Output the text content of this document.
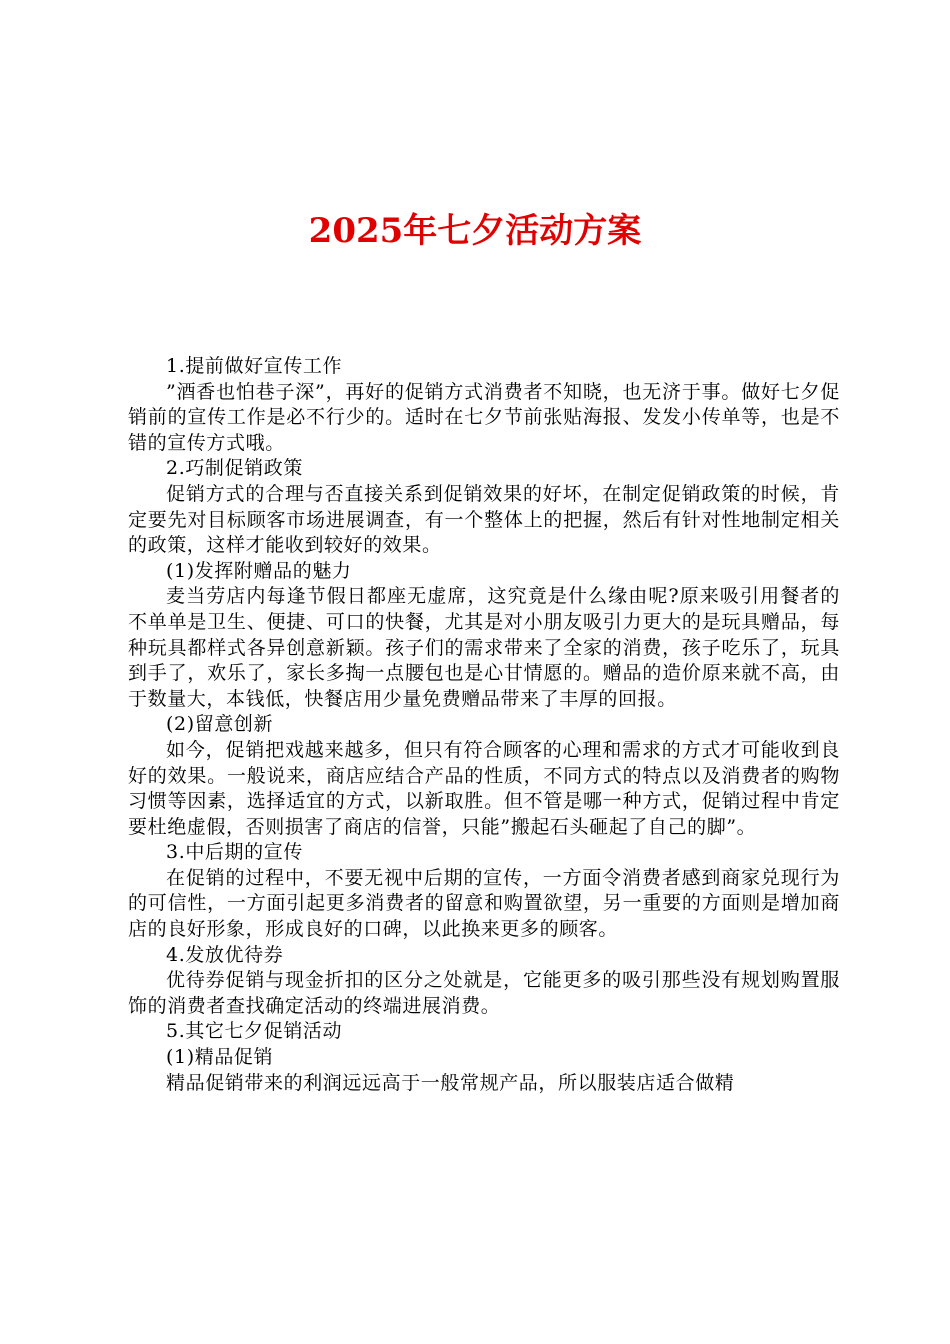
2025年七夕活动方案

1.提前做好宣传工作

”酒香也怕巷子深”，再好的促销方式消费者不知晓，也无济于事。做好七夕促销前的宣传工作是必不行少的。适时在七夕节前张贴海报、发发小传单等，也是不错的宣传方式哦。

2.巧制促销政策

促销方式的合理与否直接关系到促销效果的好坏，在制定促销政策的时候，肯定要先对目标顾客市场进展调查，有一个整体上的把握，然后有针对性地制定相关的政策，这样才能收到较好的效果。

(1)发挥附赠品的魅力

麦当劳店内每逢节假日都座无虚席，这究竟是什么缘由呢?原来吸引用餐者的不单单是卫生、便捷、可口的快餐，尤其是对小朋友吸引力更大的是玩具赠品，每种玩具都样式各异创意新颖。孩子们的需求带来了全家的消费，孩子吃乐了，玩具到手了，欢乐了，家长多掏一点腰包也是心甘情愿的。赠品的造价原来就不高，由于数量大，本钱低，快餐店用少量免费赠品带来了丰厚的回报。

(2)留意创新

如今，促销把戏越来越多，但只有符合顾客的心理和需求的方式才可能收到良好的效果。一般说来，商店应结合产品的性质，不同方式的特点以及消费者的购物习惯等因素，选择适宜的方式，以新取胜。但不管是哪一种方式，促销过程中肯定要杜绝虚假，否则损害了商店的信誉，只能”搬起石头砸起了自己的脚”。

3.中后期的宣传

在促销的过程中，不要无视中后期的宣传，一方面令消费者感到商家兑现行为的可信性，一方面引起更多消费者的留意和购置欲望，另一重要的方面则是增加商店的良好形象，形成良好的口碑，以此换来更多的顾客。

4.发放优待券

优待券促销与现金折扣的区分之处就是，它能更多的吸引那些没有规划购置服饰的消费者查找确定活动的终端进展消费。

5.其它七夕促销活动

(1)精品促销

精品促销带来的利润远远高于一般常规产品，所以服装店适合做精
